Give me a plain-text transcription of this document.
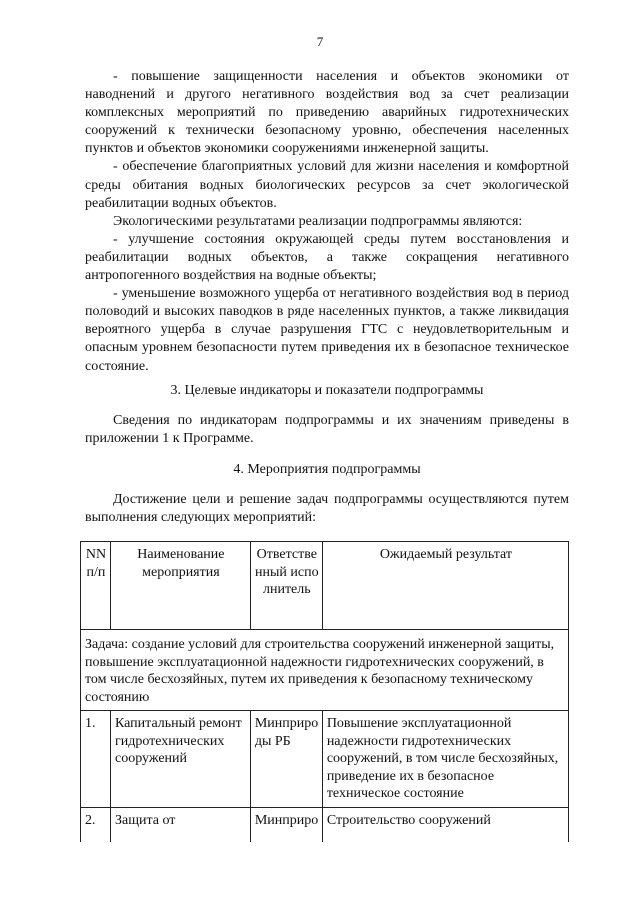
7

- повышение защищенности населения и объектов экономики от наводнений и другого негативного воздействия вод за счет реализации комплексных мероприятий по приведению аварийных гидротехнических сооружений к технически безопасному уровню, обеспечения населенных пунктов и объектов экономики сооружениями инженерной защиты.

- обеспечение благоприятных условий для жизни населения и комфортной среды обитания водных биологических ресурсов за счет экологической реабилитации водных объектов.

Экологическими результатами реализации подпрограммы являются:

- улучшение состояния окружающей среды путем восстановления и реабилитации водных объектов, а также сокращения негативного антропогенного воздействия на водные объекты;

- уменьшение возможного ущерба от негативного воздействия вод в период половодий и высоких паводков в ряде населенных пунктов, а также ликвидация вероятного ущерба в случае разрушения ГТС с неудовлетворительным и опасным уровнем безопасности путем приведения их в безопасное техническое состояние.

3. Целевые индикаторы и показатели подпрограммы

Сведения по индикаторам подпрограммы и их значениям приведены в приложении 1 к Программе.

4. Мероприятия подпрограммы

Достижение цели и решение задач подпрограммы осуществляются путем выполнения следующих мероприятий:

NN п/п	Наименование мероприятия	Ответственный исполнитель	Ожидаемый результат
Задача: создание условий для строительства сооружений инженерной защиты, повышение эксплуатационной надежности гидротехнических сооружений, в том числе бесхозяйных, путем их приведения к безопасному техническому состоянию			
1.	Капитальный ремонт гидротехнических сооружений	Минприроды РБ	Повышение эксплуатационной надежности гидротехнических сооружений, в том числе бесхозяйных, приведение их в безопасное техническое состояние
2.	Защита от	Минприро	Строительство сооружений
